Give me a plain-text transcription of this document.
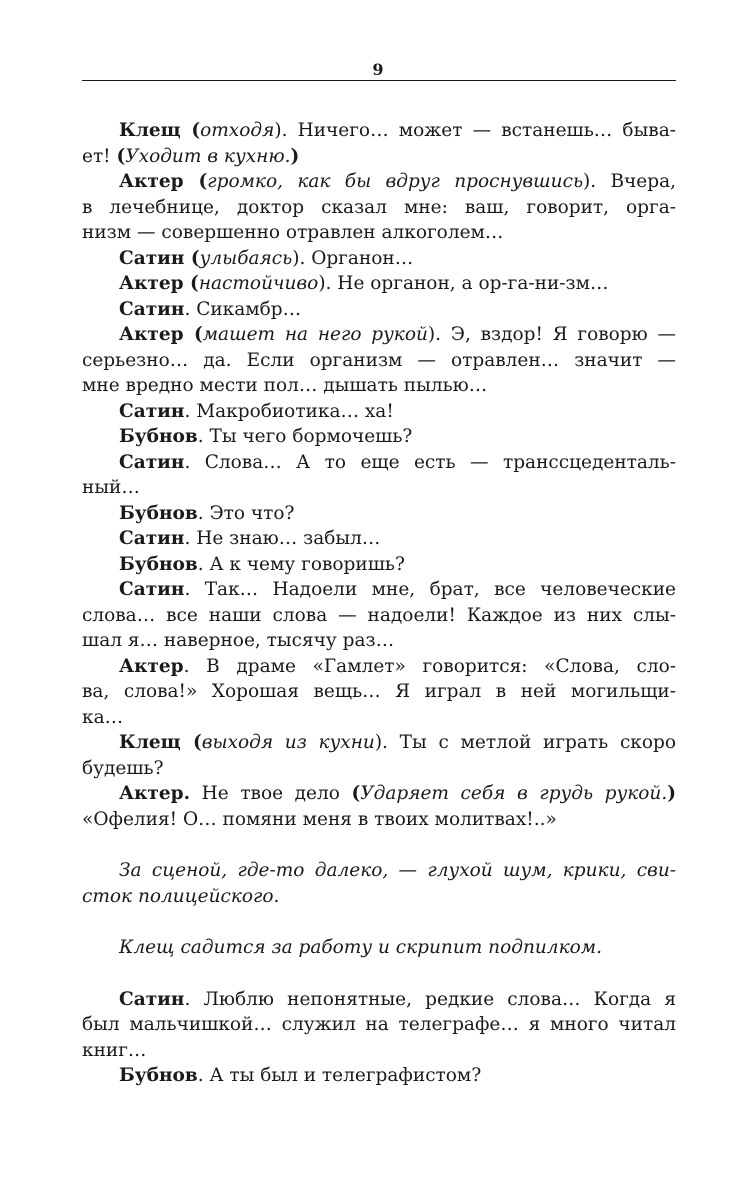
9
Клещ (отходя). Ничего… может — встанешь… быва-
ет! (Уходит в кухню.)
Актер (громко, как бы вдруг проснувшись). Вчера,
в лечебнице, доктор сказал мне: ваш, говорит, орга-
низм — совершенно отравлен алкоголем…
Сатин (улыбаясь). Органон…
Актер (настойчиво). Не органон, а ор-га-ни-зм…
Сатин. Сикамбр…
Актер (машет на него рукой). Э, вздор! Я говорю —
серьезно… да. Если организм — отравлен… значит —
мне вредно мести пол… дышать пылью…
Сатин. Макробиотика… ха!
Бубнов. Ты чего бормочешь?
Сатин. Слова… А то еще есть — транссцеденталь-
ный…
Бубнов. Это что?
Сатин. Не знаю… забыл…
Бубнов. А к чему говоришь?
Сатин. Так… Надоели мне, брат, все человеческие
слова… все наши слова — надоели! Каждое из них слы-
шал я… наверное, тысячу раз…
Актер. В драме «Гамлет» говорится: «Слова, сло-
ва, слова!» Хорошая вещь… Я играл в ней могильщи-
ка…
Клещ (выходя из кухни). Ты с метлой играть скоро
будешь?
Актер. Не твое дело (Ударяет себя в грудь рукой.)
«Офелия! О… помяни меня в твоих молитвах!..»
За сценой, где-то далеко, — глухой шум, крики, сви-
сток полицейского.
Клещ садится за работу и скрипит подпилком.
Сатин. Люблю непонятные, редкие слова… Когда я
был мальчишкой… служил на телеграфе… я много читал
книг…
Бубнов. А ты был и телеграфистом?
